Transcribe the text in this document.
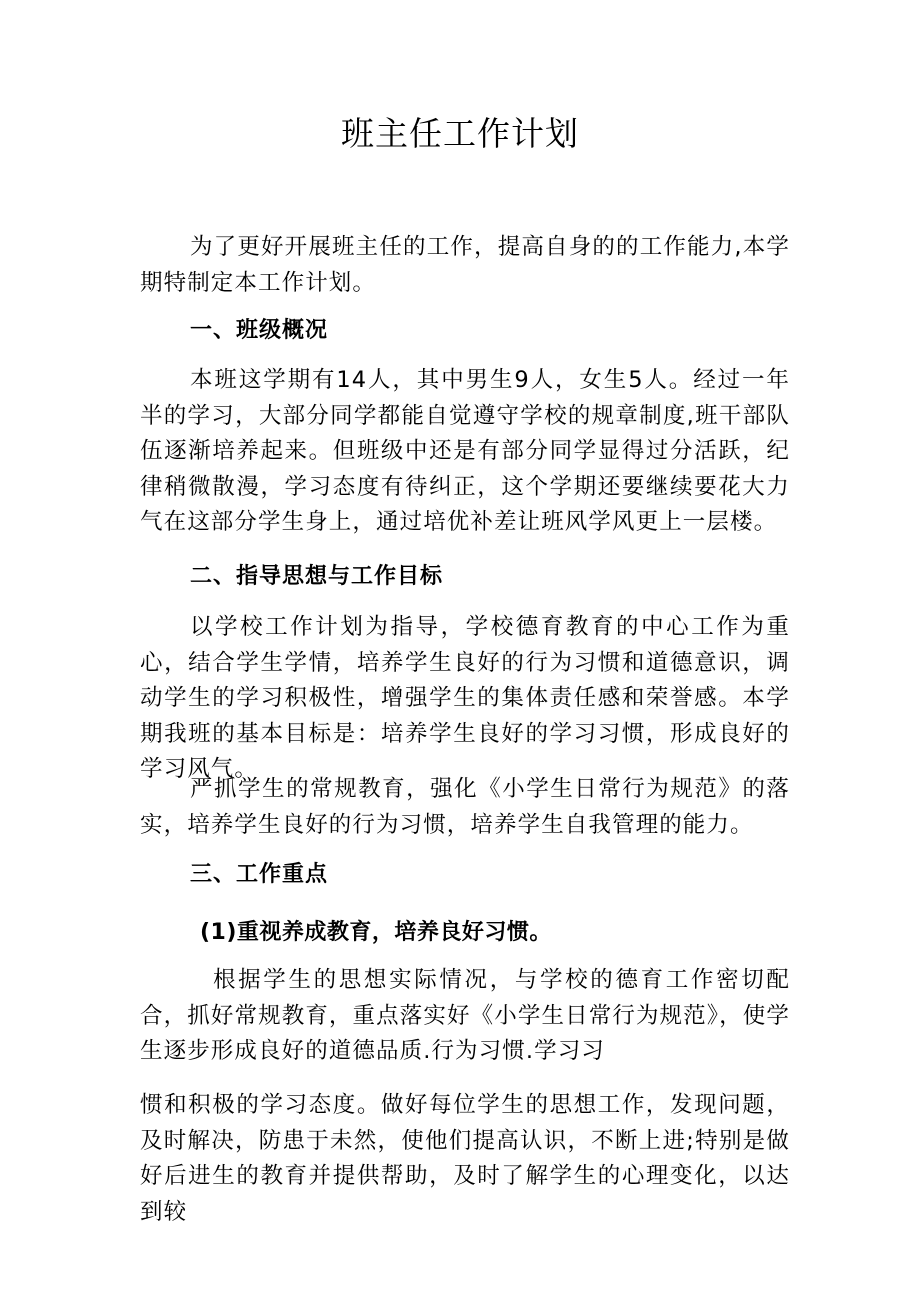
班主任工作计划

为了更好开展班主任的工作，提高自身的的工作能力,本学期特制定本工作计划。

一、班级概况

本班这学期有14人，其中男生9人，女生5人。经过一年半的学习，大部分同学都能自觉遵守学校的规章制度,班干部队伍逐渐培养起来。但班级中还是有部分同学显得过分活跃，纪律稍微散漫，学习态度有待纠正，这个学期还要继续要花大力气在这部分学生身上，通过培优补差让班风学风更上一层楼。

二、指导思想与工作目标

以学校工作计划为指导，学校德育教育的中心工作为重心，结合学生学情，培养学生良好的行为习惯和道德意识，调动学生的学习积极性，增强学生的集体责任感和荣誉感。本学期我班的基本目标是：培养学生良好的学习习惯，形成良好的学习风气。

严抓学生的常规教育，强化《小学生日常行为规范》的落实，培养学生良好的行为习惯，培养学生自我管理的能力。

三、工作重点

(1)重视养成教育，培养良好习惯。

根据学生的思想实际情况，与学校的德育工作密切配合，抓好常规教育，重点落实好《小学生日常行为规范》，使学生逐步形成良好的道德品质.行为习惯.学习习

惯和积极的学习态度。做好每位学生的思想工作，发现问题，及时解决，防患于未然，使他们提高认识，不断上进;特别是做好后进生的教育并提供帮助，及时了解学生的心理变化，以达到较
